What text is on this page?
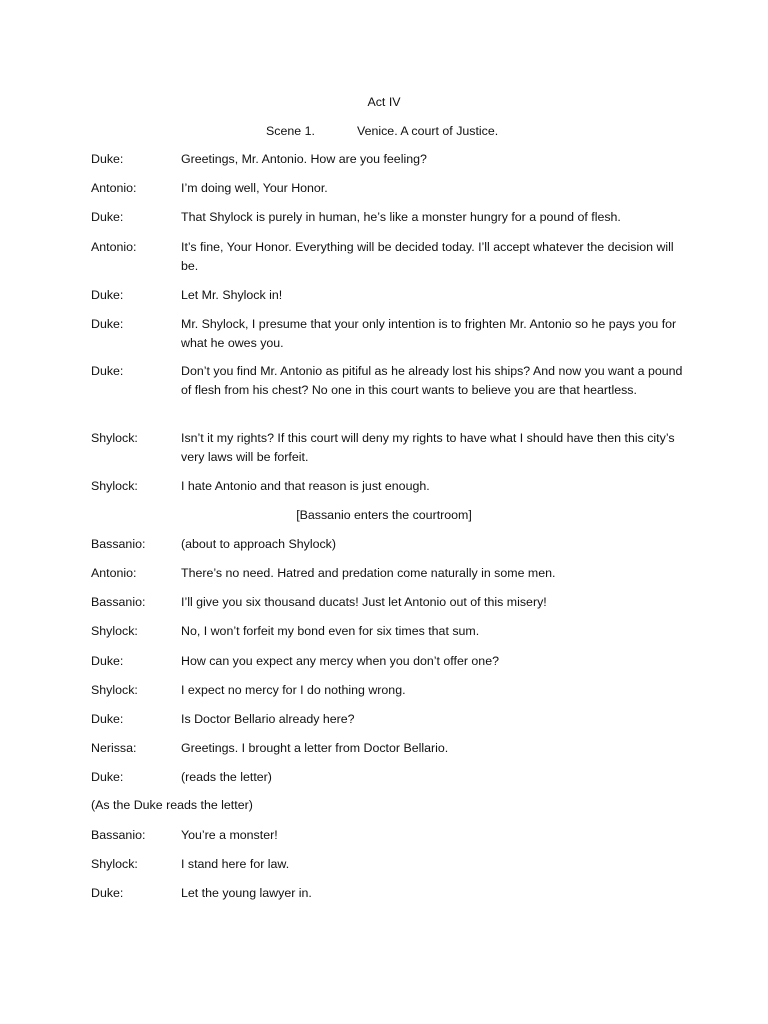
Act IV
Scene 1.	Venice. A court of Justice.
Duke:	Greetings, Mr. Antonio. How are you feeling?
Antonio:	I’m doing well, Your Honor.
Duke:	That Shylock is purely in human, he’s like a monster hungry for a pound of flesh.
Antonio:	It’s fine, Your Honor. Everything will be decided today. I’ll accept whatever the decision will be.
Duke:	Let Mr. Shylock in!
Duke:	Mr. Shylock, I presume that your only intention is to frighten Mr. Antonio so he pays you for what he owes you.
Duke:	Don’t you find Mr. Antonio as pitiful as he already lost his ships? And now you want a pound of flesh from his chest? No one in this court wants to believe you are that heartless.
Shylock:	Isn’t it my rights? If this court will deny my rights to have what I should have then this city’s very laws will be forfeit.
Shylock:	I hate Antonio and that reason is just enough.
[Bassanio enters the courtroom]
Bassanio:	(about to approach Shylock)
Antonio:	There’s no need. Hatred and predation come naturally in some men.
Bassanio:	I’ll give you six thousand ducats! Just let Antonio out of this misery!
Shylock:	No, I won’t forfeit my bond even for six times that sum.
Duke:	How can you expect any mercy when you don’t offer one?
Shylock:	I expect no mercy for I do nothing wrong.
Duke:	Is Doctor Bellario already here?
Nerissa:	Greetings. I brought a letter from Doctor Bellario.
Duke:	(reads the letter)
(As the Duke reads the letter)
Bassanio:	You’re a monster!
Shylock:	I stand here for law.
Duke:	Let the young lawyer in.
